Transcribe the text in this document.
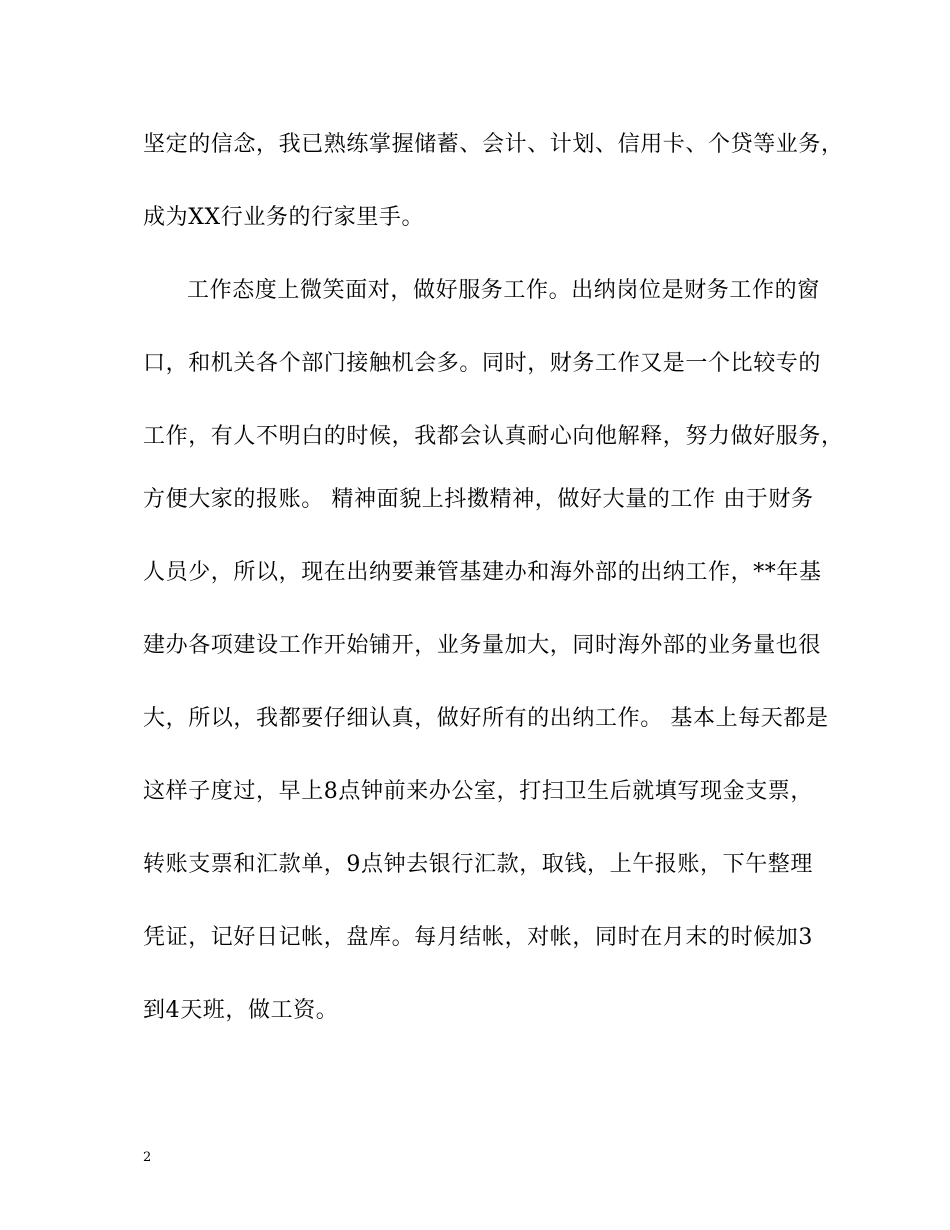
坚定的信念，我已熟练掌握储蓄、会计、计划、信用卡、个贷等业务，
成为XX行业务的行家里手。
工作态度上微笑面对，做好服务工作。出纳岗位是财务工作的窗
口，和机关各个部门接触机会多。同时，财务工作又是一个比较专的
工作，有人不明白的时候，我都会认真耐心向他解释，努力做好服务，
方便大家的报账。 精神面貌上抖擞精神，做好大量的工作 由于财务
人员少，所以，现在出纳要兼管基建办和海外部的出纳工作，**年基
建办各项建设工作开始铺开，业务量加大，同时海外部的业务量也很
大，所以，我都要仔细认真，做好所有的出纳工作。 基本上每天都是
这样子度过，早上8点钟前来办公室，打扫卫生后就填写现金支票，
转账支票和汇款单，9点钟去银行汇款，取钱，上午报账，下午整理
凭证，记好日记帐，盘库。每月结帐，对帐，同时在月末的时候加3
到4天班，做工资。
2
